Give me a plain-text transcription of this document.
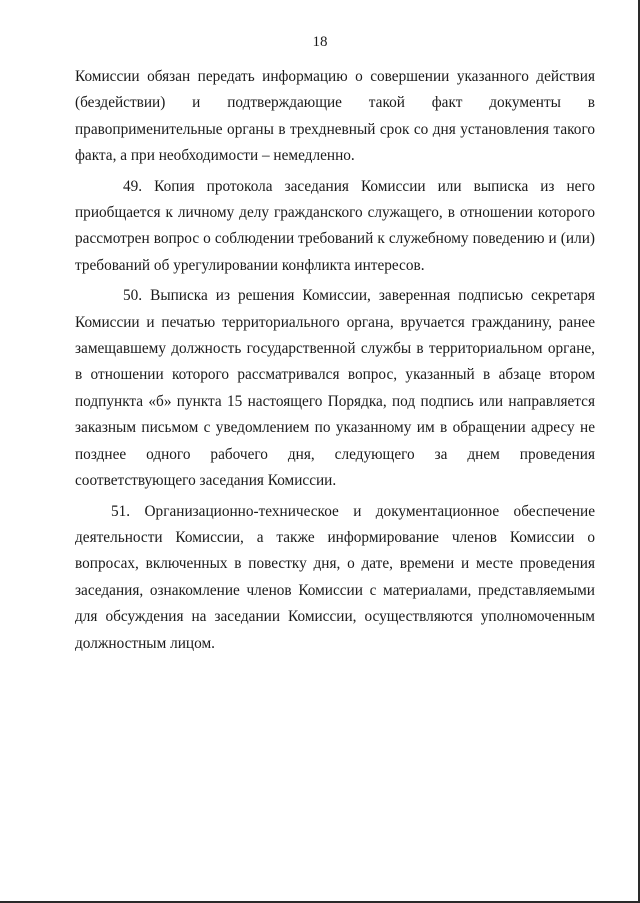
18

Комиссии обязан передать информацию о совершении указанного действия (бездействии) и подтверждающие такой факт документы в правоприменительные органы в трехдневный срок со дня установления такого факта, а при необходимости – немедленно.

49. Копия протокола заседания Комиссии или выписка из него приобщается к личному делу гражданского служащего, в отношении которого рассмотрен вопрос о соблюдении требований к служебному поведению и (или) требований об урегулировании конфликта интересов.

50. Выписка из решения Комиссии, заверенная подписью секретаря Комиссии и печатью территориального органа, вручается гражданину, ранее замещавшему должность государственной службы в территориальном органе, в отношении которого рассматривался вопрос, указанный в абзаце втором подпункта «б» пункта 15 настоящего Порядка, под подпись или направляется заказным письмом с уведомлением по указанному им в обращении адресу не позднее одного рабочего дня, следующего за днем проведения соответствующего заседания Комиссии.

51. Организационно-техническое и документационное обеспечение деятельности Комиссии, а также информирование членов Комиссии о вопросах, включенных в повестку дня, о дате, времени и месте проведения заседания, ознакомление членов Комиссии с материалами, представляемыми для обсуждения на заседании Комиссии, осуществляются уполномоченным должностным лицом.
